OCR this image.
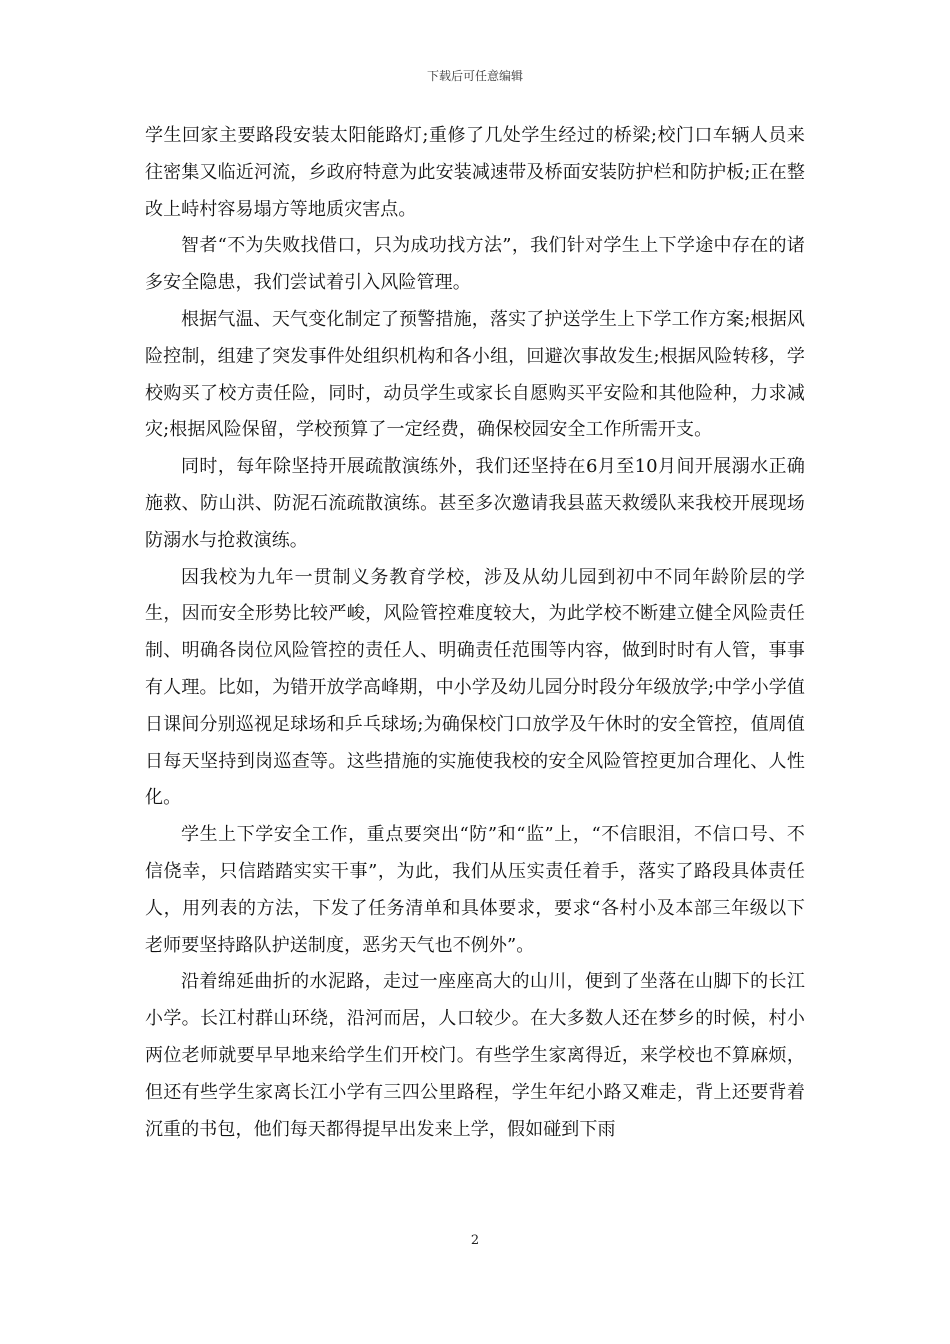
下载后可任意编辑

学生回家主要路段安装太阳能路灯;重修了几处学生经过的桥梁;校门口车辆人员来往密集又临近河流，乡政府特意为此安装减速带及桥面安装防护栏和防护板;正在整改上峙村容易塌方等地质灾害点。

智者“不为失败找借口，只为成功找方法”，我们针对学生上下学途中存在的诸多安全隐患，我们尝试着引入风险管理。

根据气温、天气变化制定了预警措施，落实了护送学生上下学工作方案;根据风险控制，组建了突发事件处组织机构和各小组，回避次事故发生;根据风险转移，学校购买了校方责任险，同时，动员学生或家长自愿购买平安险和其他险种，力求减灾;根据风险保留，学校预算了一定经费，确保校园安全工作所需开支。

同时，每年除坚持开展疏散演练外，我们还坚持在6月至10月间开展溺水正确施救、防山洪、防泥石流疏散演练。甚至多次邀请我县蓝天救缓队来我校开展现场防溺水与抢救演练。

因我校为九年一贯制义务教育学校，涉及从幼儿园到初中不同年龄阶层的学生，因而安全形势比较严峻，风险管控难度较大，为此学校不断建立健全风险责任制、明确各岗位风险管控的责任人、明确责任范围等内容，做到时时有人管，事事有人理。比如，为错开放学高峰期，中小学及幼儿园分时段分年级放学;中学小学值日课间分别巡视足球场和乒乓球场;为确保校门口放学及午休时的安全管控，值周值日每天坚持到岗巡查等。这些措施的实施使我校的安全风险管控更加合理化、人性化。

学生上下学安全工作，重点要突出“防”和“监”上，“不信眼泪，不信口号、不信侥幸，只信踏踏实实干事”，为此，我们从压实责任着手，落实了路段具体责任人，用列表的方法，下发了任务清单和具体要求，要求“各村小及本部三年级以下老师要坚持路队护送制度，恶劣天气也不例外”。

沿着绵延曲折的水泥路，走过一座座高大的山川，便到了坐落在山脚下的长江小学。长江村群山环绕，沿河而居，人口较少。在大多数人还在梦乡的时候，村小两位老师就要早早地来给学生们开校门。有些学生家离得近，来学校也不算麻烦，但还有些学生家离长江小学有三四公里路程，学生年纪小路又难走，背上还要背着沉重的书包，他们每天都得提早出发来上学，假如碰到下雨

2
